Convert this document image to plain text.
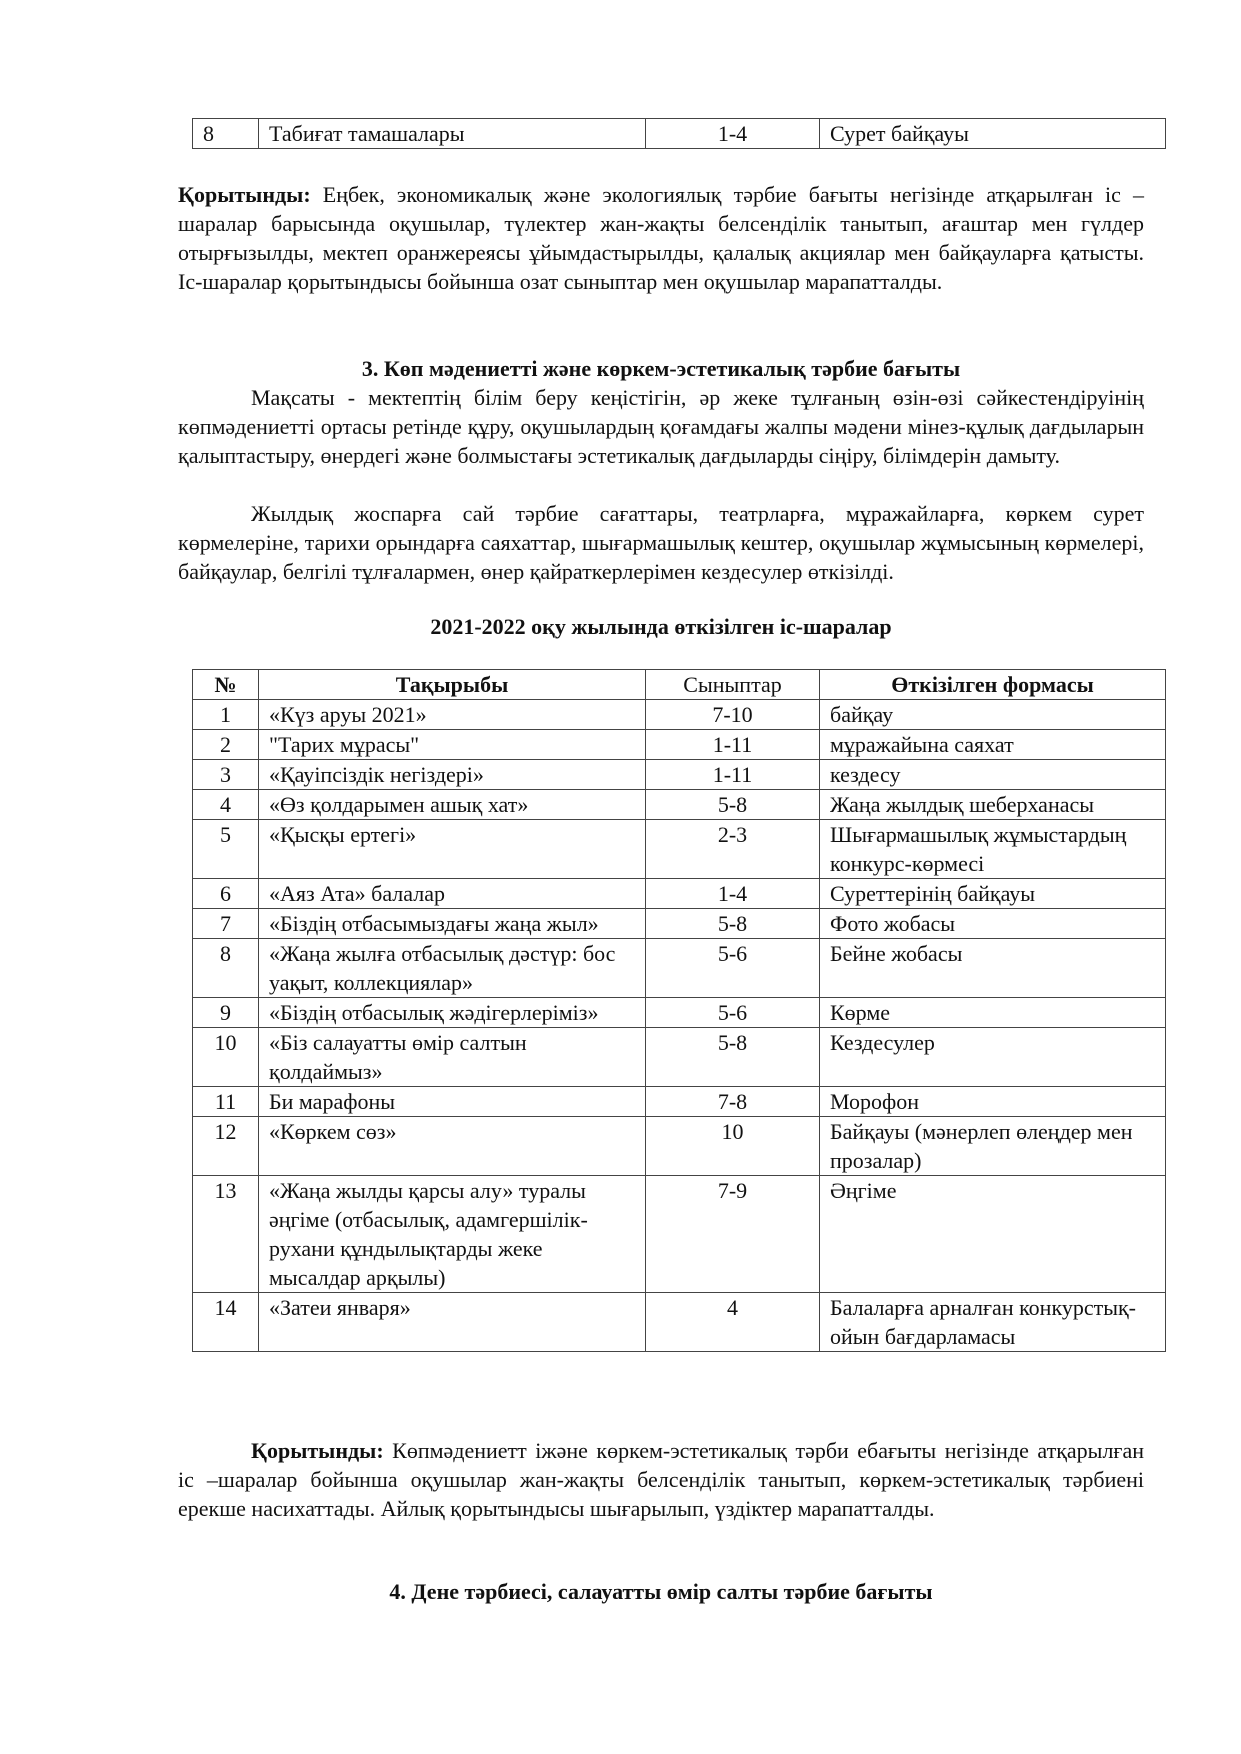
8	Табиғат тамашалары	1-4	Сурет байқауы

Қорытынды: Еңбек, экономикалық және экологиялық тәрбие бағыты негізінде атқарылған іс –шаралар барысында оқушылар, түлектер жан-жақты белсенділік танытып, ағаштар мен гүлдер отырғызылды, мектеп оранжереясы ұйымдастырылды, қалалық акциялар мен байқауларға қатысты. Іс-шаралар қорытындысы бойынша озат сыныптар мен оқушылар марапатталды.

3. Көп мәдениетті және көркем-эстетикалық тәрбие бағыты

Мақсаты - мектептің білім беру кеңістігін, әр жеке тұлғаның өзін-өзі сәйкестендіруінің көпмәдениетті ортасы ретінде құру, оқушылардың қоғамдағы жалпы мәдени мінез-құлық дағдыларын қалыптастыру, өнердегі және болмыстағы эстетикалық дағдыларды сіңіру, білімдерін дамыту.

Жылдық жоспарға сай тәрбие сағаттары, театрларға, мұражайларға, көркем сурет көрмелеріне, тарихи орындарға саяхаттар, шығармашылық кештер, оқушылар жұмысының көрмелері, байқаулар, белгілі тұлғалармен, өнер қайраткерлерімен кездесулер өткізілді.

2021-2022 оқу жылында өткізілген іс-шаралар

№	Тақырыбы	Сыныптар	Өткізілген формасы
1	«Күз аруы 2021»	7-10	байқау
2	"Тарих мұрасы"	1-11	мұражайына саяхат
3	«Қауіпсіздік негіздері»	1-11	кездесу
4	«Өз қолдарымен ашық хат»	5-8	Жаңа жылдық шеберханасы
5	«Қысқы ертегі»	2-3	Шығармашылық жұмыстардың конкурс-көрмесі
6	«Аяз Ата» балалар	1-4	Суреттерінің байқауы
7	«Біздің отбасымыздағы жаңа жыл»	5-8	Фото жобасы
8	«Жаңа жылға отбасылық дәстүр: бос уақыт, коллекциялар»	5-6	Бейне жобасы
9	«Біздің отбасылық жәдігерлеріміз»	5-6	Көрме
10	«Біз салауатты өмір салтын қолдаймыз»	5-8	Кездесулер
11	Би марафоны	7-8	Морофон
12	«Көркем сөз»	10	Байқауы (мәнерлеп өлеңдер мен прозалар)
13	«Жаңа жылды қарсы алу» туралы әңгіме (отбасылық, адамгершілік-рухани құндылықтарды жеке мысалдар арқылы)	7-9	Әңгіме
14	«Затеи января»	4	Балаларға арналған конкурстық-ойын бағдарламасы

Қорытынды: Көпмәдениетт іжәне көркем-эстетикалық тәрби ебағыты негізінде атқарылған іс –шаралар бойынша оқушылар жан-жақты белсенділік танытып, көркем-эстетикалық тәрбиені ерекше насихаттады. Айлық қорытындысы шығарылып, үздіктер марапатталды.

4. Дене тәрбиесі, салауатты өмір салты тәрбие бағыты
